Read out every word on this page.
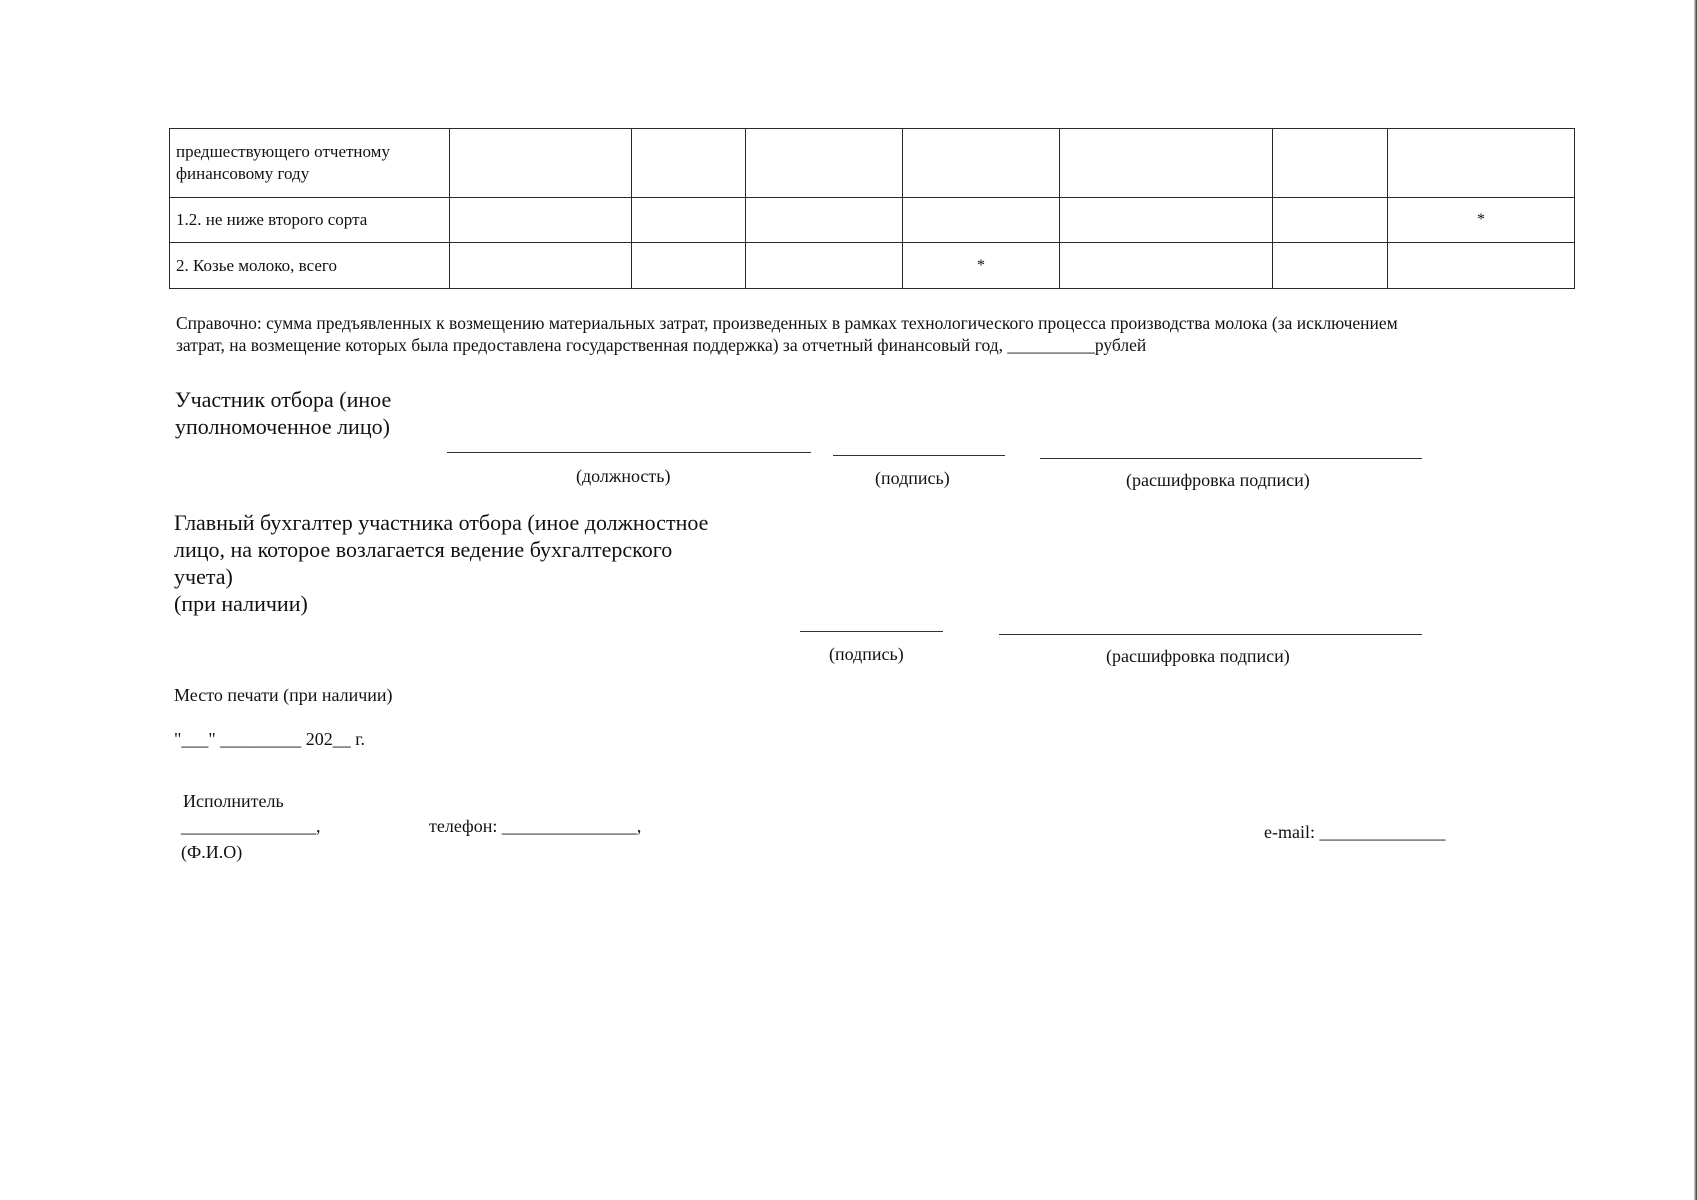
предшествующего отчетному
финансовому году							
1.2. не ниже второго сорта							*
2. Козье молоко, всего				*			
Справочно: сумма предъявленных к возмещению материальных затрат, произведенных в рамках технологического процесса производства молока (за исключением
затрат, на возмещение которых была предоставлена государственная поддержка) за отчетный финансовый год, __________рублей
Участник отбора (иное
уполномоченное лицо)
(должность)	(подпись)	(расшифровка подписи)
Главный бухгалтер участника отбора (иное должностное
лицо, на которое возлагается ведение бухгалтерского
учета)
(при наличии)
(подпись)	(расшифровка подписи)
Место печати (при наличии)
"___" _________ 202__ г.
Исполнитель
_______________,
(Ф.И.О)
телефон: _______________,	e-mail: ______________
